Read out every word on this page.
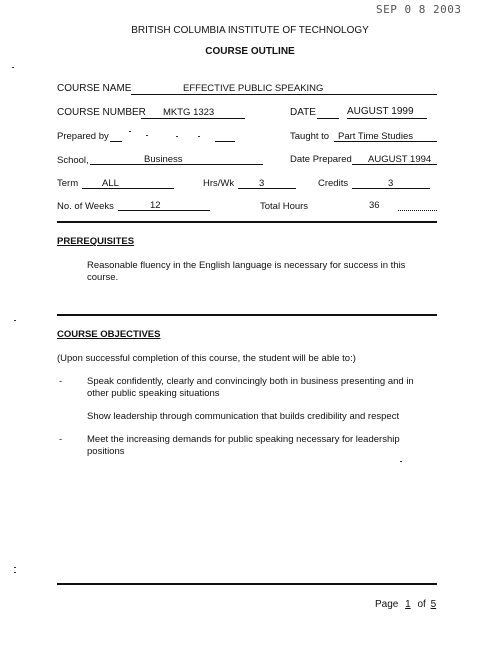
SEP 0 8 2003
BRITISH COLUMBIA INSTITUTE OF TECHNOLOGY
COURSE OUTLINE
COURSE NAME	EFFECTIVE PUBLIC SPEAKING
COURSE NUMBER MKTG 1323	DATE	AUGUST 1999
Prepared by	Taught to Part Time Studies
School ,	Business	Date Prepared AUGUST 1994
Term	ALL	Hrs/Wk	3	Credits	3
No. of Weeks	12	Total Hours	36
PREREQUISITES
Reasonable fluency in the English language is necessary for success in this
course.
COURSE OBJECTIVES
(Upon successful completion of this course, the student will be able to:)
-	Speak confidently, clearly and convincingly both in business presenting and in
other public speaking situations
Show leadership through communication that builds credibility and respect
-	Meet the increasing demands for public speaking necessary for leadership
positions
Page 1 of 5
